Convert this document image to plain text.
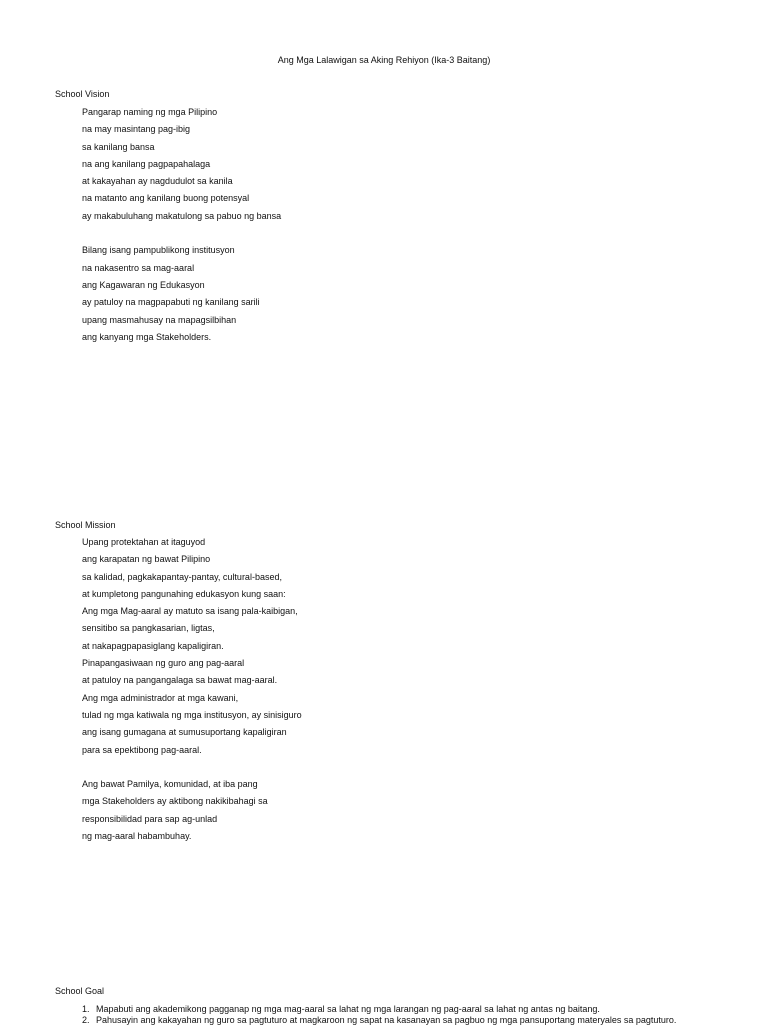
Ang Mga Lalawigan sa Aking Rehiyon (Ika-3 Baitang)
School Vision
Pangarap naming ng mga Pilipino
na may masintang pag-ibig
sa kanilang bansa
na ang kanilang pagpapahalaga
at kakayahan ay nagdudulot sa kanila
na matanto ang kanilang buong potensyal
ay makabuluhang makatulong sa pabuo ng bansa
Bilang isang pampublikong institusyon
na nakasentro sa mag-aaral
ang Kagawaran ng Edukasyon
ay patuloy na magpapabuti ng kanilang sarili
upang masmahusay na mapagsilbihan
ang kanyang mga Stakeholders.
School Mission
Upang protektahan at itaguyod
ang karapatan ng bawat Pilipino
sa kalidad, pagkakapantay-pantay, cultural-based,
at kumpletong pangunahing edukasyon kung saan:
Ang mga Mag-aaral ay matuto sa isang pala-kaibigan,
sensitibo sa pangkasarian, ligtas,
at nakapagpapasiglang kapaligiran.
Pinapangasiwaan ng guro ang pag-aaral
at patuloy na pangangalaga sa bawat mag-aaral.
Ang mga administrador at mga kawani,
tulad ng mga katiwala ng mga institusyon, ay sinisiguro
ang isang gumagana at sumusuportang kapaligiran
para sa epektibong pag-aaral.
Ang bawat Pamilya, komunidad, at iba pang
mga Stakeholders ay aktibong nakikibahagi sa
responsibilidad para sap ag-unlad
ng mag-aaral habambuhay.
School Goal
1. Mapabuti ang akademikong pagganap ng mga mag-aaral sa lahat ng mga larangan ng pag-aaral sa lahat ng antas ng baitang.
2. Pahusayin ang kakayahan ng guro sa pagtuturo at magkaroon ng sapat na kasanayan sa pagbuo ng mga pansuportang materyales sa pagtuturo.
